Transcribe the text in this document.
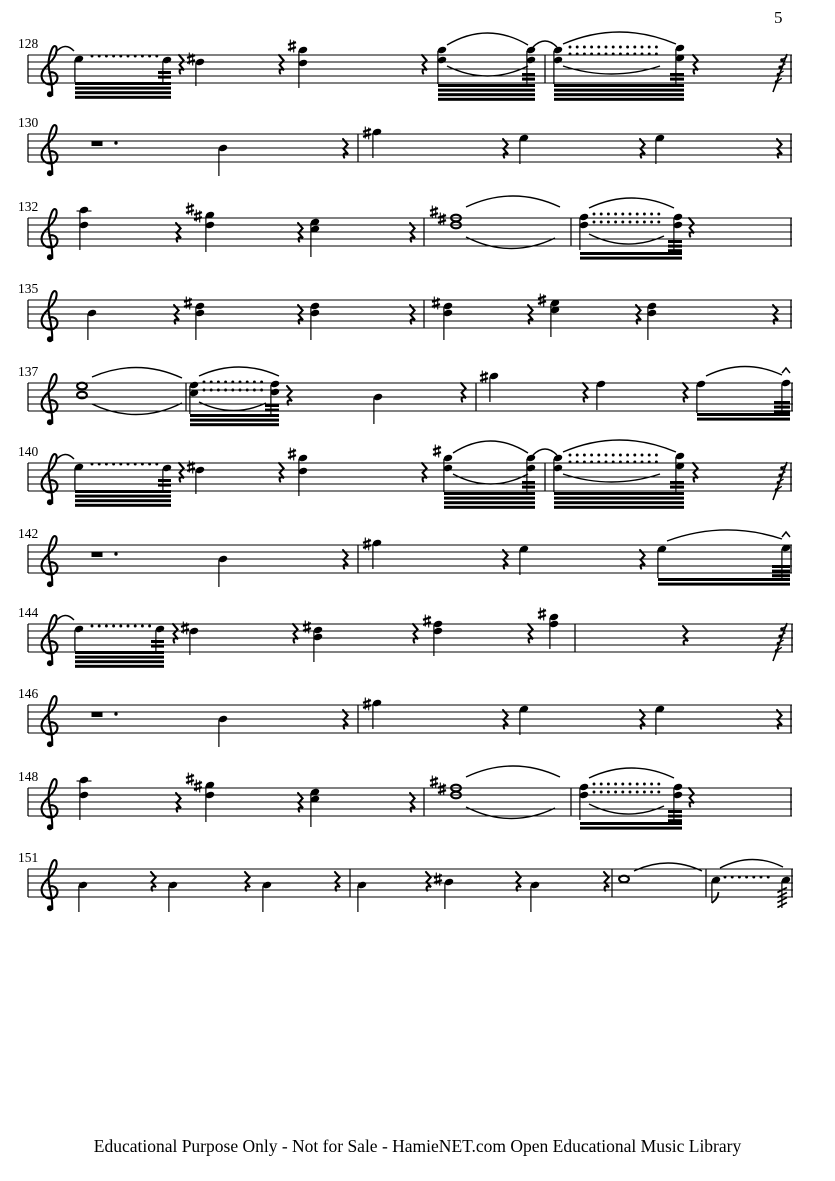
5
128
130
132
135
137
140
142
144
146
148
151
Educational Purpose Only - Not for Sale - HamieNET.com Open Educational Music Library
